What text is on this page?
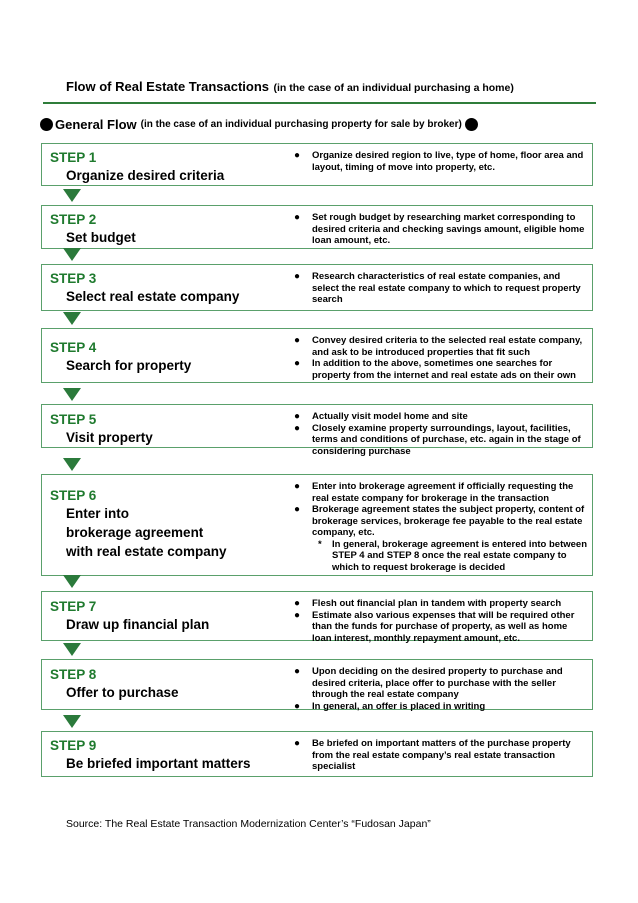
Flow of Real Estate Transactions (in the case of an individual purchasing a home)
General Flow (in the case of an individual purchasing property for sale by broker)
STEP 1
Organize desired criteria
●	Organize desired region to live, type of home, floor area and layout, timing of move into property, etc.
STEP 2
Set budget
●	Set rough budget by researching market corresponding to desired criteria and checking savings amount, eligible home loan amount, etc.
STEP 3
Select real estate company
●	Research characteristics of real estate companies, and select the real estate company to which to request property search
STEP 4
Search for property
●	Convey desired criteria to the selected real estate company, and ask to be introduced properties that fit such
●	In addition to the above, sometimes one searches for property from the internet and real estate ads on their own
STEP 5
Visit property
●	Actually visit model home and site
●	Closely examine property surroundings, layout, facilities, terms and conditions of purchase, etc. again in the stage of considering purchase
STEP 6
Enter into
brokerage agreement
with real estate company
●	Enter into brokerage agreement if officially requesting the real estate company for brokerage in the transaction
●	Brokerage agreement states the subject property, content of brokerage services, brokerage fee payable to the real estate company, etc.
*	In general, brokerage agreement is entered into between STEP 4 and STEP 8 once the real estate company to which to request brokerage is decided
STEP 7
Draw up financial plan
●	Flesh out financial plan in tandem with property search
●	Estimate also various expenses that will be required other than the funds for purchase of property, as well as home loan interest, monthly repayment amount, etc.
STEP 8
Offer to purchase
●	Upon deciding on the desired property to purchase and desired criteria, place offer to purchase with the seller through the real estate company
●	In general, an offer is placed in writing
STEP 9
Be briefed important matters
●	Be briefed on important matters of the purchase property from the real estate company’s real estate transaction specialist
Source: The Real Estate Transaction Modernization Center’s “Fudosan Japan”
